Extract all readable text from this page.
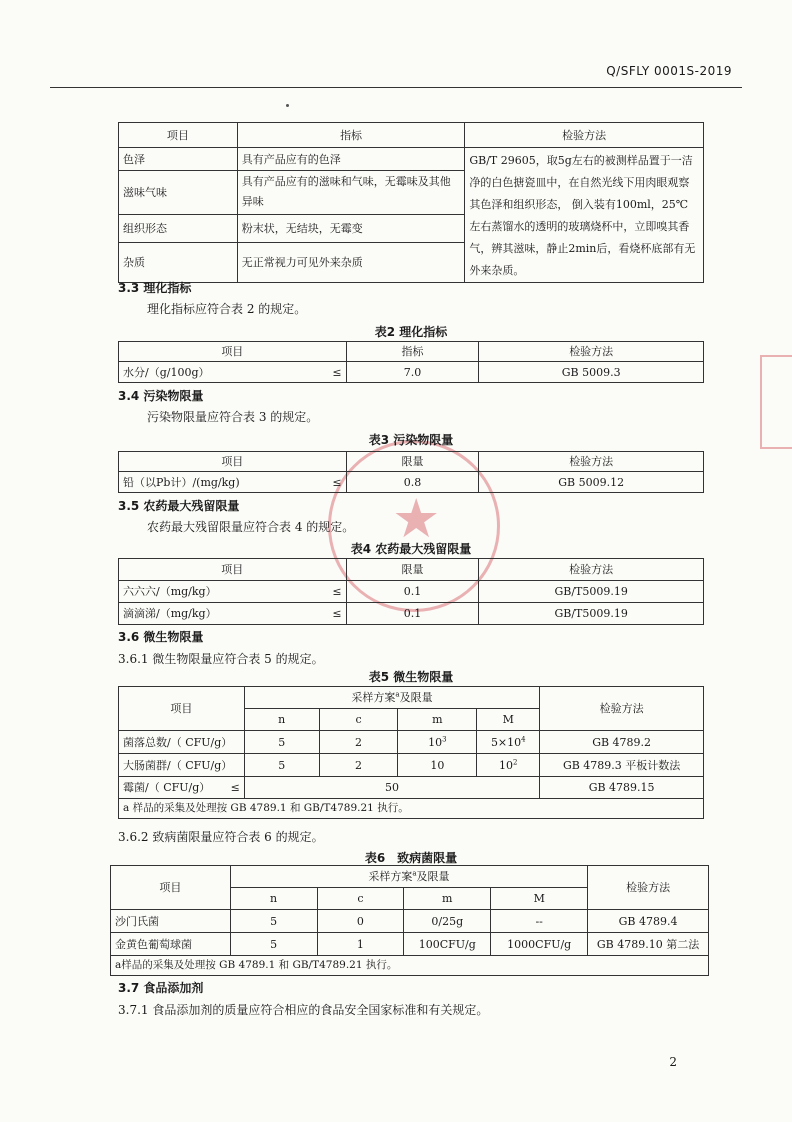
Q/SFLY 0001S-2019
★
项目	指标	检验方法
色泽	具有产品应有的色泽	GB/T 29605，取5g左右的被测样品置于一洁净的白色搪瓷皿中，在自然光线下用肉眼观察其色泽和组织形态， 倒入装有100ml，25℃左右蒸馏水的透明的玻璃烧杯中，立即嗅其香气，辨其滋味，静止2min后，看烧杯底部有无外来杂质。
滋味气味	具有产品应有的滋味和气味，无霉味及其他异味	
组织形态	粉末状，无结块，无霉变	
杂质	无正常视力可见外来杂质	
3.3 理化指标
理化指标应符合表 2 的规定。
表2 理化指标
项目	指标	检验方法
水分/（g/100g） ≤	7.0	GB 5009.3
3.4 污染物限量
污染物限量应符合表 3 的规定。
表3 污染物限量
项目	限量	检验方法
铅（以Pb计）/(mg/kg) ≤	0.8	GB 5009.12
3.5 农药最大残留限量
农药最大残留限量应符合表 4 的规定。
表4 农药最大残留限量
项目	限量	检验方法
六六六/（mg/kg） ≤	0.1	GB/T5009.19
滴滴涕/（mg/kg） ≤	0.1	GB/T5009.19
3.6 微生物限量
3.6.1 微生物限量应符合表 5 的规定。
表5 微生物限量
项目	采样方案$^a$及限量				检验方法
	n	c	m	M	
菌落总数/（ CFU/g）	5	2	$10^3$	$5\times 10^4$	GB 4789.2
大肠菌群/（ CFU/g）	5	2	10	$10^2$	GB 4789.3 平板计数法
霉菌/（ CFU/g） ≤	50				GB 4789.15
a 样品的采集及处理按 GB 4789.1 和 GB/T4789.21 执行。					
3.6.2 致病菌限量应符合表 6 的规定。
表6　致病菌限量
项目	采样方案$^a$及限量				检验方法
	n	c	m	M	
沙门氏菌	5	0	0/25g	--	GB 4789.4
金黄色葡萄球菌	5	1	100CFU/g	1000CFU/g	GB 4789.10 第二法
a样品的采集及处理按 GB 4789.1 和 GB/T4789.21 执行。					
3.7 食品添加剂
3.7.1 食品添加剂的质量应符合相应的食品安全国家标准和有关规定。
2
